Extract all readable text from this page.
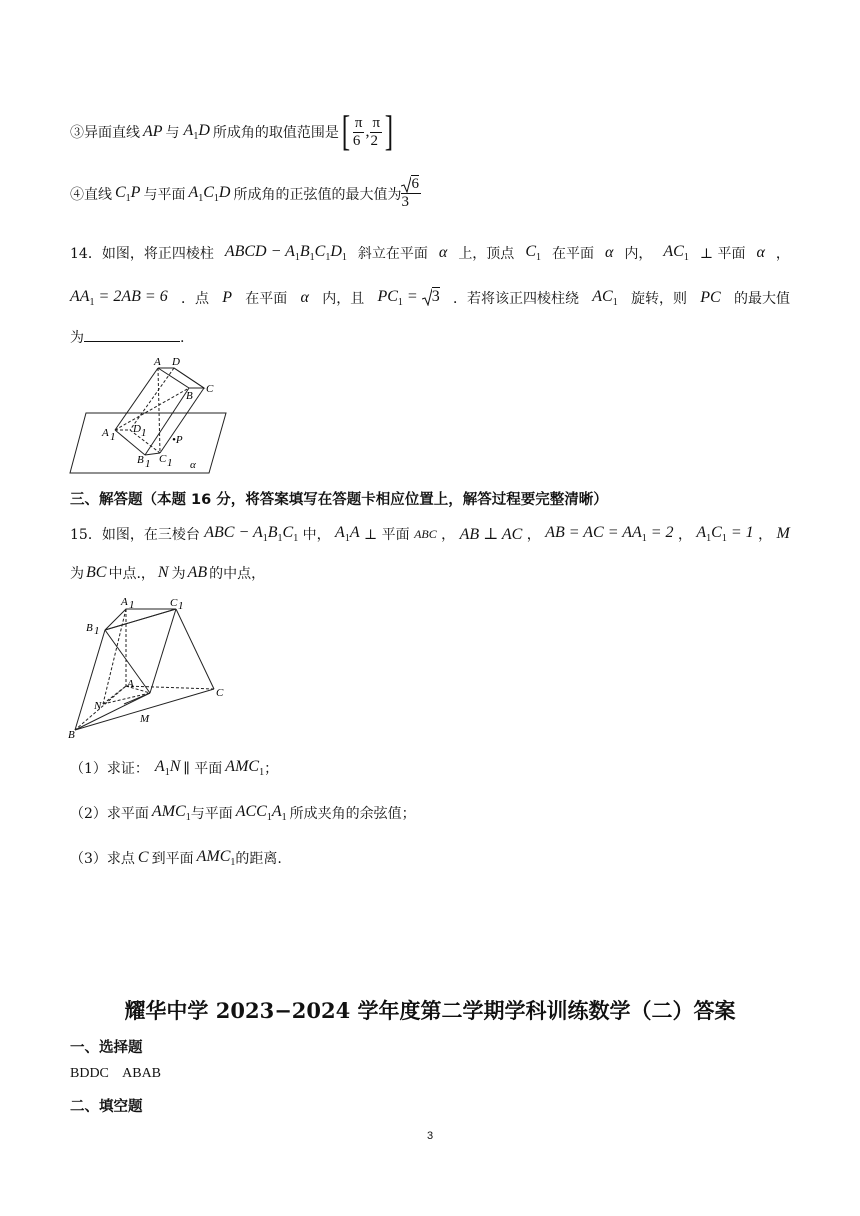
③异面直线 AP 与 $A_1D$ 所成角的取值范围是 [ $\frac{\pi}{6}$ , $\frac{\pi}{2}$ ]
④直线 $C_1P$ 与平面 $A_1C_1D$ 所成角的正弦值的最大值为 $\frac{6}{3}$
14．如图，将正四棱柱 ABCD − $A_1B_1C_1D_1$ 斜立在平面 α 上，顶点 $C_1$ 在平面 α 内， $AC_1$ ⊥ 平面 α ，
$AA_1 = 2AB = 6$ ．点 P 在平面 α 内，且 $PC_1$ =
3 ．若将该正四棱柱绕 $AC_1$ 旋转，则 PC 的最大值
为	.
A D
C
B
A 1
D 1
B 1 C 1
•P
α
三、解答题（本题 16 分，将答案填写在答题卡相应位置上，解答过程要完整清晰）
15．如图，在三棱台 ABC − $A_1B_1C_1$ 中， $A_1A$ ⊥ 平面 ABC ， AB ⊥ AC ， AB = AC = $AA_1 = 2$ ， $A_1C_1 = 1$ ， M
为 BC 中点.， N 为 AB 的中点，
A 1	C 1
B 1
A
C
N
M
B
（1）求证： $A_1N$ ∥ 平面 $AMC_1$ ；
（2）求平面 $AMC_1$ 与平面 $ACC_1A_1$ 所成夹角的余弦值；
（3）求点 C 到平面 $AMC_1$ 的距离.
耀华中学 2023−2024 学年度第二学期学科训练数学（二）答案
一、选择题
BDDC    ABAB
二、填空题
3
